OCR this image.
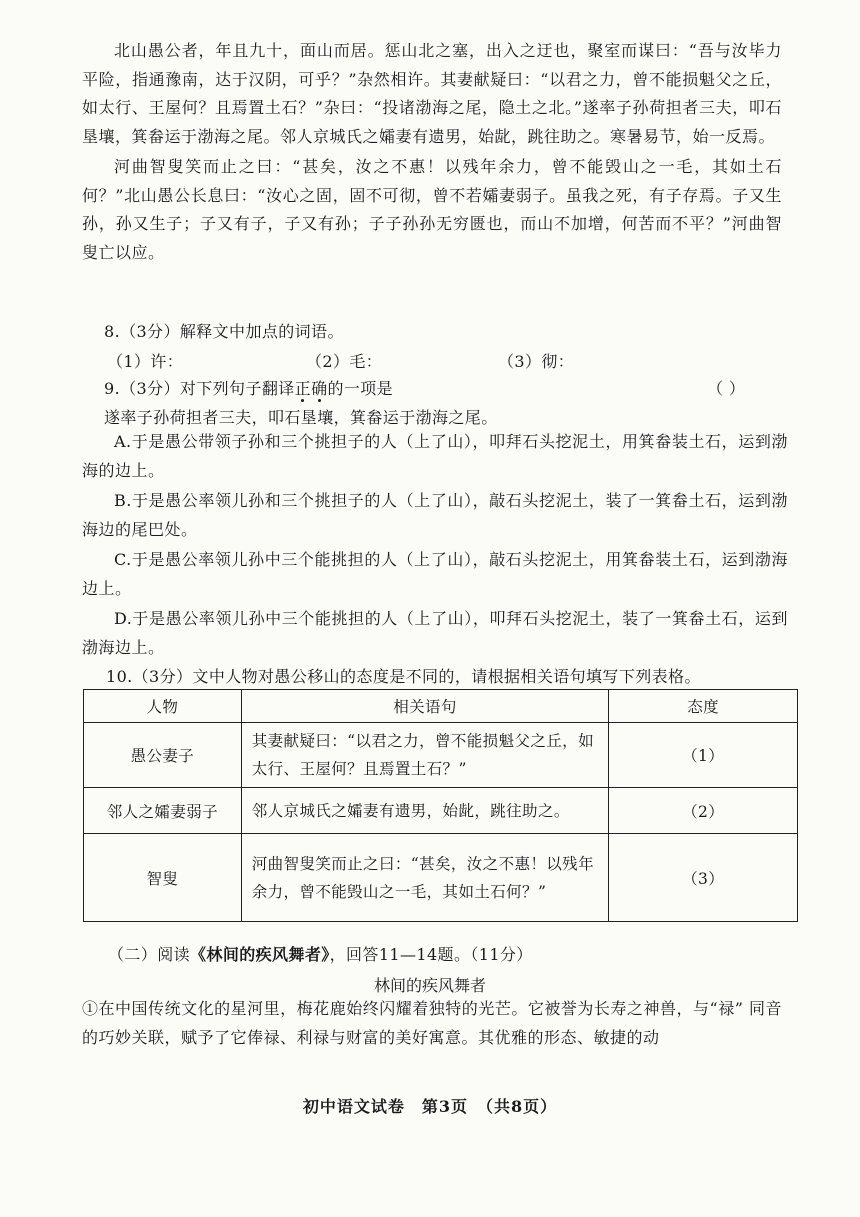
北山愚公者，年且九十，面山而居。惩山北之塞，出入之迂也，聚室而谋曰：“吾与汝毕力平险，指通豫南，达于汉阴，可乎？”杂然相许。其妻献疑曰：“以君之力，曾不能损魁父之丘，如太行、王屋何？且焉置土石？”杂曰：“投诸渤海之尾，隐土之北。”遂率子孙荷担者三夫，叩石垦壤，箕畚运于渤海之尾。邻人京城氏之孀妻有遗男，始龀，跳往助之。寒暑易节，始一反焉。

河曲智叟笑而止之曰：“甚矣，汝之不惠！以残年余力，曾不能毁山之一毛，其如土石何？”北山愚公长息曰：“汝心之固，固不可彻，曾不若孀妻弱子。虽我之死，有子存焉。子又生孙，孙又生子；子又有子，子又有孙；子子孙孙无穷匮也，而山不加增，何苦而不平？”河曲智叟亡以应。

8.（3分）解释文中加点的词语。
（1）许：	（2）毛：	（3）彻：
9.（3分）对下列句子翻译正确的一项是	（ ）
遂率子孙荷担者三夫，叩石垦壤，箕畚运于渤海之尾。

A.于是愚公带领子孙和三个挑担子的人（上了山），叩拜石头挖泥土，用箕畚装土石，运到渤海的边上。

B.于是愚公率领儿孙和三个挑担子的人（上了山），敲石头挖泥土，装了一箕畚土石，运到渤海边的尾巴处。

C.于是愚公率领儿孙中三个能挑担的人（上了山），敲石头挖泥土，用箕畚装土石，运到渤海边上。

D.于是愚公率领儿孙中三个能挑担的人（上了山），叩拜石头挖泥土，装了一箕畚土石，运到渤海边上。

10.（3分）文中人物对愚公移山的态度是不同的，请根据相关语句填写下列表格。
人物	相关语句	态度
愚公妻子	其妻献疑曰：“以君之力，曾不能损魁父之丘，如太行、王屋何？且焉置土石？”	（1）
邻人之孀妻弱子	邻人京城氏之孀妻有遗男，始龀，跳往助之。	（2）
智叟	河曲智叟笑而止之曰：“甚矣，汝之不惠！以残年余力，曾不能毁山之一毛，其如土石何？”	（3）
（二）阅读《林间的疾风舞者》，回答11—14题。（11分）
林间的疾风舞者

①在中国传统文化的星河里，梅花鹿始终闪耀着独特的光芒。它被誉为长寿之神兽，与“禄” 同音的巧妙关联，赋予了它俸禄、利禄与财富的美好寓意。其优雅的形态、敏捷的动

初中语文试卷　第3页　（共8页）
